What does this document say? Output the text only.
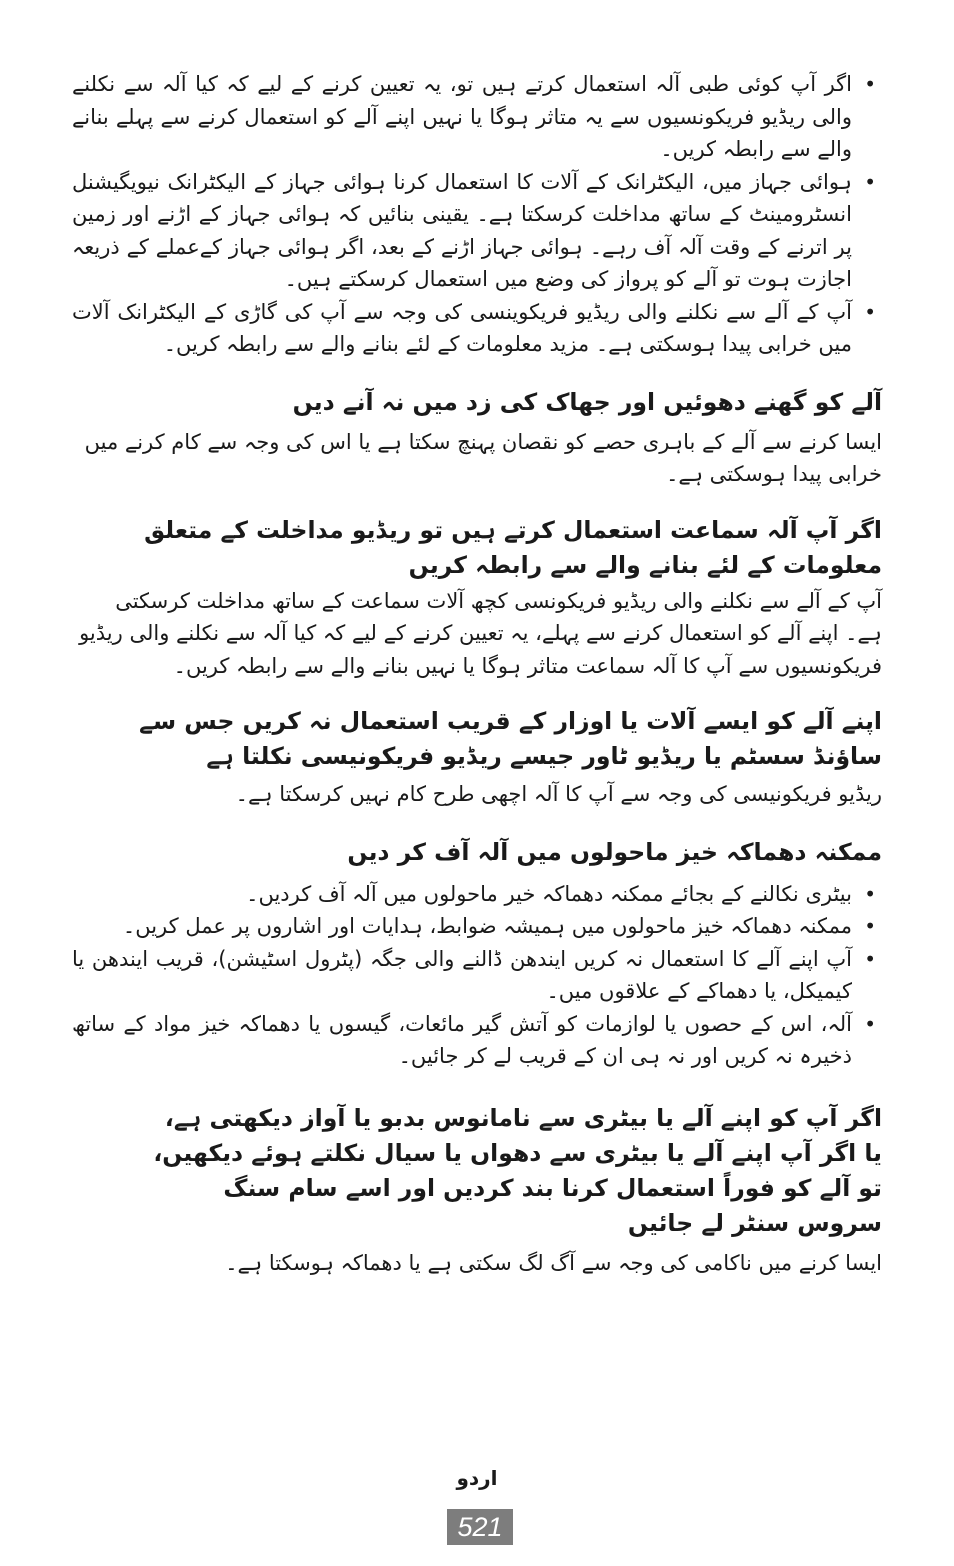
•
اگر آپ کوئی طبی آلہ استعمال کرتے ہیں تو، یہ تعیین کرنے کے لیے کہ کیا آلہ سے نکلنے والی ریڈیو فریکونسیوں سے یہ متاثر ہوگا یا نہیں اپنے آلے کو استعمال کرنے سے پہلے بنانے والے سے رابطہ کریں۔
•
ہوائی جہاز میں، الیکٹرانک کے آلات کا استعمال کرنا ہوائی جہاز کے الیکٹرانک نیویگیشنل انسٹرومینٹ کے ساتھ مداخلت کرسکتا ہے۔ یقینی بنائیں کہ ہوائی جہاز کے اڑنے اور زمین پر اترنے کے وقت آلہ آف رہے۔ ہوائی جہاز اڑنے کے بعد، اگر ہوائی جہاز کےعملے کے ذریعہ اجازت ہوت تو آلے کو پرواز کی وضع میں استعمال کرسکتے ہیں۔
•
آپ کے آلے سے نکلنے والی ریڈیو فریکوینسی کی وجہ سے آپ کی گاڑی کے الیکٹرانک آلات میں خرابی پیدا ہوسکتی ہے۔ مزید معلومات کے لئے بنانے والے سے رابطہ کریں۔
آلے کو گھنے دھوئیں اور جھاک کی زد میں نہ آنے دیں

ایسا کرنے سے آلے کے باہری حصے کو نقصان پہنچ سکتا ہے یا اس کی وجہ سے کام کرنے میں خرابی پیدا ہوسکتی ہے۔

اگر آپ آلہ سماعت استعمال کرتے ہیں تو ریڈیو مداخلت کے متعلق معلومات کے لئے بنانے والے سے رابطہ کریں

آپ کے آلے سے نکلنے والی ریڈیو فریکونسی کچھ آلات سماعت کے ساتھ مداخلت کرسکتی ہے۔ اپنے آلے کو استعمال کرنے سے پہلے، یہ تعیین کرنے کے لیے کہ کیا آلہ سے نکلنے والی ریڈیو فریکونسیوں سے آپ کا آلہ سماعت متاثر ہوگا یا نہیں بنانے والے سے رابطہ کریں۔

اپنے آلے کو ایسے آلات یا اوزار کے قریب استعمال نہ کریں جس سے ساؤنڈ سسٹم یا ریڈیو ٹاور جیسے ریڈیو فریکونیسی نکلتا ہے

ریڈیو فریکونیسی کی وجہ سے آپ کا آلہ اچھی طرح کام نہیں کرسکتا ہے۔

ممکنہ دھماکہ خیز ماحولوں میں آلہ آف کر دیں
•
بیٹری نکالنے کے بجائے ممکنہ دھماکہ خیر ماحولوں میں آلہ آف کردیں۔
•
ممکنہ دھماکہ خیز ماحولوں میں ہمیشہ ضوابط، ہدایات اور اشاروں پر عمل کریں۔
•
آپ اپنے آلے کا استعمال نہ کریں ایندھن ڈالنے والی جگہ (پٹرول اسٹیشن)، قریب ایندھن یا کیمیکل، یا دھماکے کے علاقوں میں۔
•
آلہ، اس کے حصوں یا لوازمات کو آتش گیر مائعات، گیسوں یا دھماکہ خیز مواد کے ساتھ ذخیرہ نہ کریں اور نہ ہی ان کے قریب لے کر جائیں۔
اگر آپ کو اپنے آلے یا بیٹری سے نامانوس بدبو یا آواز دیکھتی ہے، یا اگر آپ اپنے آلے یا بیٹری سے دھواں یا سیال نکلتے ہوئے دیکھیں، تو آلے کو فوراً استعمال کرنا بند کردیں اور اسے سام سنگ سروس سنٹر لے جائیں

ایسا کرنے میں ناکامی کی وجہ سے آگ لگ سکتی ہے یا دھماکہ ہوسکتا ہے۔

اردو
521
